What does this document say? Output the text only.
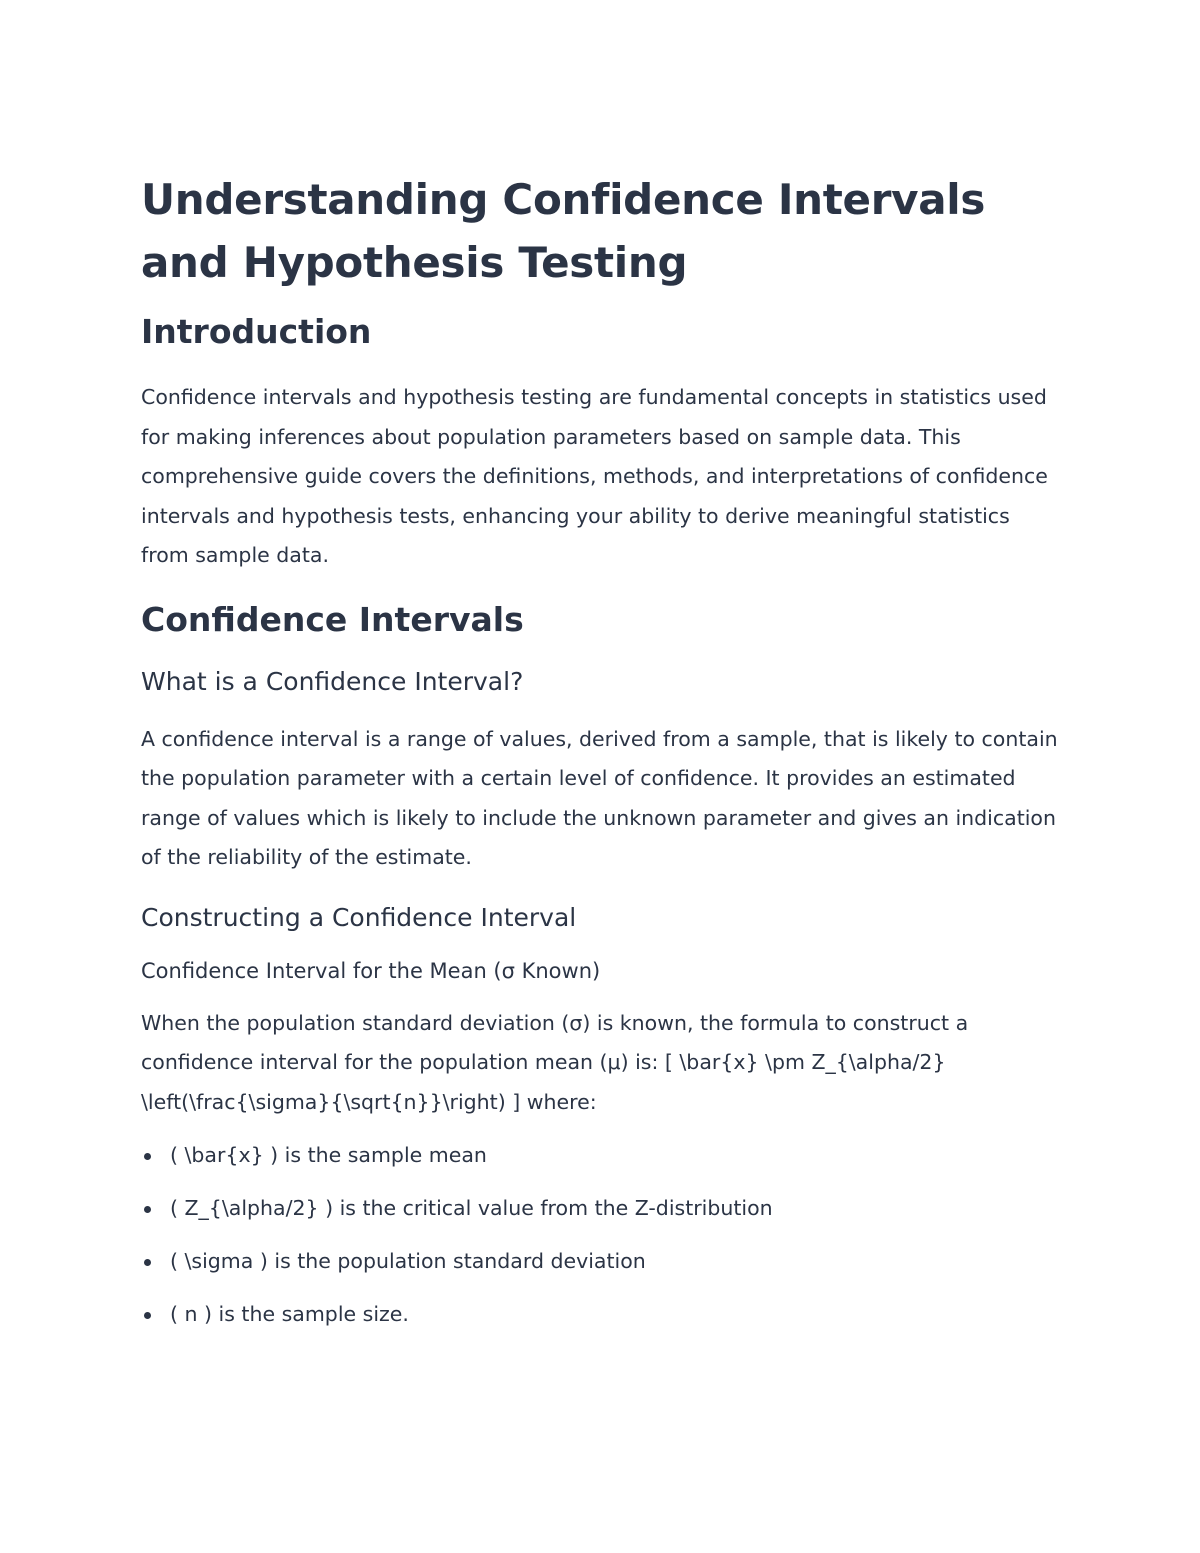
Understanding Confidence Intervals and Hypothesis Testing
Introduction

Confidence intervals and hypothesis testing are fundamental concepts in statistics used for making inferences about population parameters based on sample data. This comprehensive guide covers the definitions, methods, and interpretations of confidence intervals and hypothesis tests, enhancing your ability to derive meaningful statistics from sample data.

Confidence Intervals
What is a Confidence Interval?

A confidence interval is a range of values, derived from a sample, that is likely to contain the population parameter with a certain level of confidence. It provides an estimated range of values which is likely to include the unknown parameter and gives an indication of the reliability of the estimate.

Constructing a Confidence Interval
Confidence Interval for the Mean (σ Known)

When the population standard deviation (σ) is known, the formula to construct a confidence interval for the population mean (μ) is: [ \bar{x} \pm Z_{\alpha/2} \left(\frac{\sigma}{\sqrt{n}}\right) ] where:

( \bar{x} ) is the sample mean
( Z_{\alpha/2} ) is the critical value from the Z-distribution
( \sigma ) is the population standard deviation
( n ) is the sample size.
